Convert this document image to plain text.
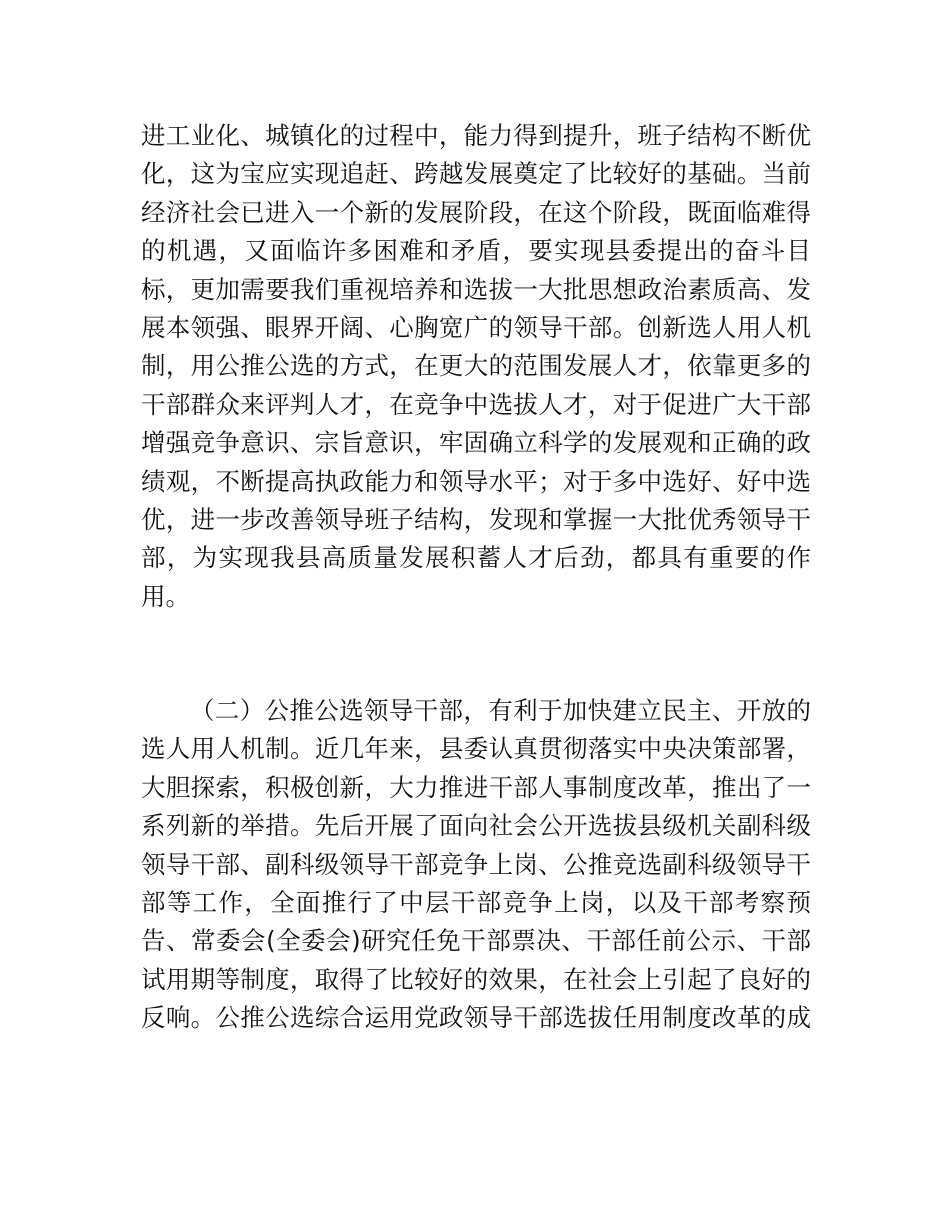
进工业化、城镇化的过程中，能力得到提升，班子结构不断优
化，这为宝应实现追赶、跨越发展奠定了比较好的基础。当前
经济社会已进入一个新的发展阶段，在这个阶段，既面临难得
的机遇，又面临许多困难和矛盾，要实现县委提出的奋斗目
标，更加需要我们重视培养和选拔一大批思想政治素质高、发
展本领强、眼界开阔、心胸宽广的领导干部。创新选人用人机
制，用公推公选的方式，在更大的范围发展人才，依靠更多的
干部群众来评判人才，在竞争中选拔人才，对于促进广大干部
增强竞争意识、宗旨意识，牢固确立科学的发展观和正确的政
绩观，不断提高执政能力和领导水平；对于多中选好、好中选
优，进一步改善领导班子结构，发现和掌握一大批优秀领导干
部，为实现我县高质量发展积蓄人才后劲，都具有重要的作
用。
（二）公推公选领导干部，有利于加快建立民主、开放的
选人用人机制。近几年来，县委认真贯彻落实中央决策部署，
大胆探索，积极创新，大力推进干部人事制度改革，推出了一
系列新的举措。先后开展了面向社会公开选拔县级机关副科级
领导干部、副科级领导干部竞争上岗、公推竞选副科级领导干
部等工作，全面推行了中层干部竞争上岗，以及干部考察预
告、常委会(全委会)研究任免干部票决、干部任前公示、干部
试用期等制度，取得了比较好的效果，在社会上引起了良好的
反响。公推公选综合运用党政领导干部选拔任用制度改革的成
